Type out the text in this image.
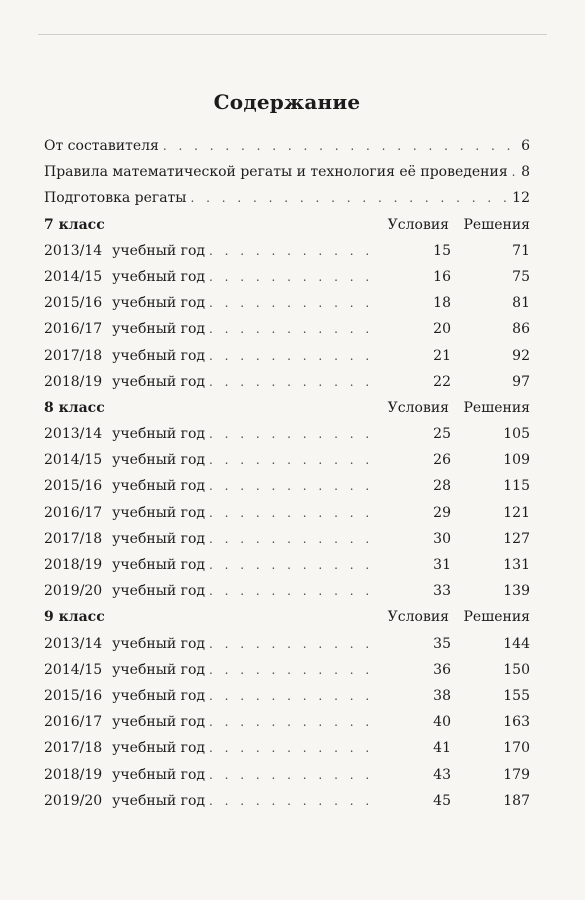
Содержание
От составителя . . .	6
Правила математической регаты и технология её проведения . . . 8
Подготовка регаты . . .	12
7 класс	Условия	Решения
2013/14 учебный год . . .	15	71
2014/15 учебный год . . .	16	75
2015/16 учебный год . . .	18	81
2016/17 учебный год . . .	20	86
2017/18 учебный год . . .	21	92
2018/19 учебный год . . .	22	97
8 класс	Условия	Решения
2013/14 учебный год . . .	25	105
2014/15 учебный год . . .	26	109
2015/16 учебный год . . .	28	115
2016/17 учебный год . . .	29	121
2017/18 учебный год . . .	30	127
2018/19 учебный год . . .	31	131
2019/20 учебный год . . .	33	139
9 класс	Условия	Решения
2013/14 учебный год . . .	35	144
2014/15 учебный год . . .	36	150
2015/16 учебный год . . .	38	155
2016/17 учебный год . . .	40	163
2017/18 учебный год . . .	41	170
2018/19 учебный год . . .	43	179
2019/20 учебный год . . .	45	187
